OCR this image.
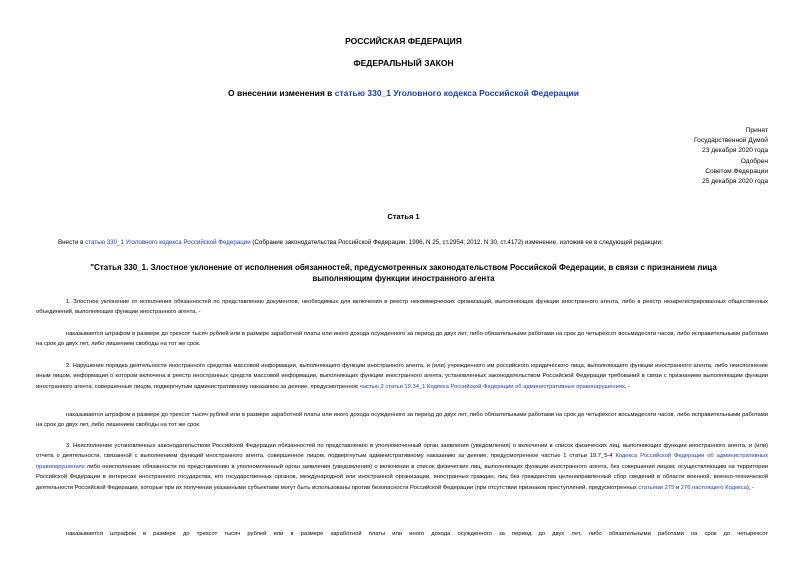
РОССИЙСКАЯ ФЕДЕРАЦИЯ
ФЕДЕРАЛЬНЫЙ ЗАКОН
О внесении изменения в статью 330_1 Уголовного кодекса Российской Федерации
Принят
Государственной Думой
23 декабря 2020 года
Одобрен
Советом Федерации
25 декабря 2020 года
Статья 1
Внести в статью 330_1 Уголовного кодекса Российской Федерации (Собрание законодательства Российской Федерации, 1996, N 25, ст.2954; 2012, N 30, ст.4172) изменение, изложив ее в следующей редакции:
"Статья 330_1. Злостное уклонение от исполнения обязанностей, предусмотренных законодательством Российской Федерации, в связи с признанием лица
выполняющим функции иностранного агента
1. Злостное уклонение от исполнения обязанностей по представлению документов, необходимых для включения в реестр некоммерческих организаций, выполняющих функции иностранного агента, либо в реестр незарегистрированных общественных объединений, выполняющих функции иностранного агента, -
наказывается штрафом в размере до трехсот тысяч рублей или в размере заработной платы или иного дохода осужденного за период до двух лет, либо обязательными работами на срок до четырехсот восьмидесяти часов, либо исправительными работами на срок до двух лет, либо лишением свободы на тот же срок.
2. Нарушение порядка деятельности иностранного средства массовой информации, выполняющего функции иностранного агента, и (или) учрежденного им российского юридического лица, выполняющего функции иностранного агента, либо неисполнение иным лицом, информация о котором включена в реестр иностранных средств массовой информации, выполняющих функции иностранного агента, установленных законодательством Российской Федерации требований в связи с признанием выполняющим функции иностранного агента, совершенные лицом, подвергнутым административному наказанию за деяние, предусмотренное частью 2 статьи 19.34_1 Кодекса Российской Федерации об административных правонарушениях, -
наказывается штрафом в размере до трехсот тысяч рублей или в размере заработной платы или иного дохода осужденного за период до двух лет, либо обязательными работами на срок до четырехсот восьмидесяти часов, либо исправительными работами на срок до двух лет, либо лишением свободы на тот же срок.
3. Неисполнение установленных законодательством Российской Федерации обязанностей по представлению в уполномоченный орган заявления (уведомления) о включении в список физических лиц, выполняющих функции иностранного агента, и (или) отчета о деятельности, связанной с выполнением функций иностранного агента, совершенное лицом, подвергнутым административному наказанию за деяние, предусмотренное частью 1 статьи 19.7_5-4 Кодекса Российской Федерации об административных правонарушениях либо неисполнение обязанности по представлению в уполномоченный орган заявления (уведомления) о включении в список физических лиц, выполняющих функции иностранного агента, без совершения лицом, осуществляющим на территории Российской Федерации в интересах иностранного государства, его государственных органов, международной или иностранной организации, иностранных граждан, лиц без гражданства целенаправленный сбор сведений в области военной, военно-технической деятельности Российской Федерации, которые при их получении указанными субъектами могут быть использованы против безопасности Российской Федерации (при отсутствии признаков преступлений, предусмотренных статьями 275 и 276 настоящего Кодекса), -
наказывается штрафом в размере до трехсот тысяч рублей или в размере заработной платы или иного дохода осужденного за период до двух лет, либо обязательными работами на срок до четырехсот
